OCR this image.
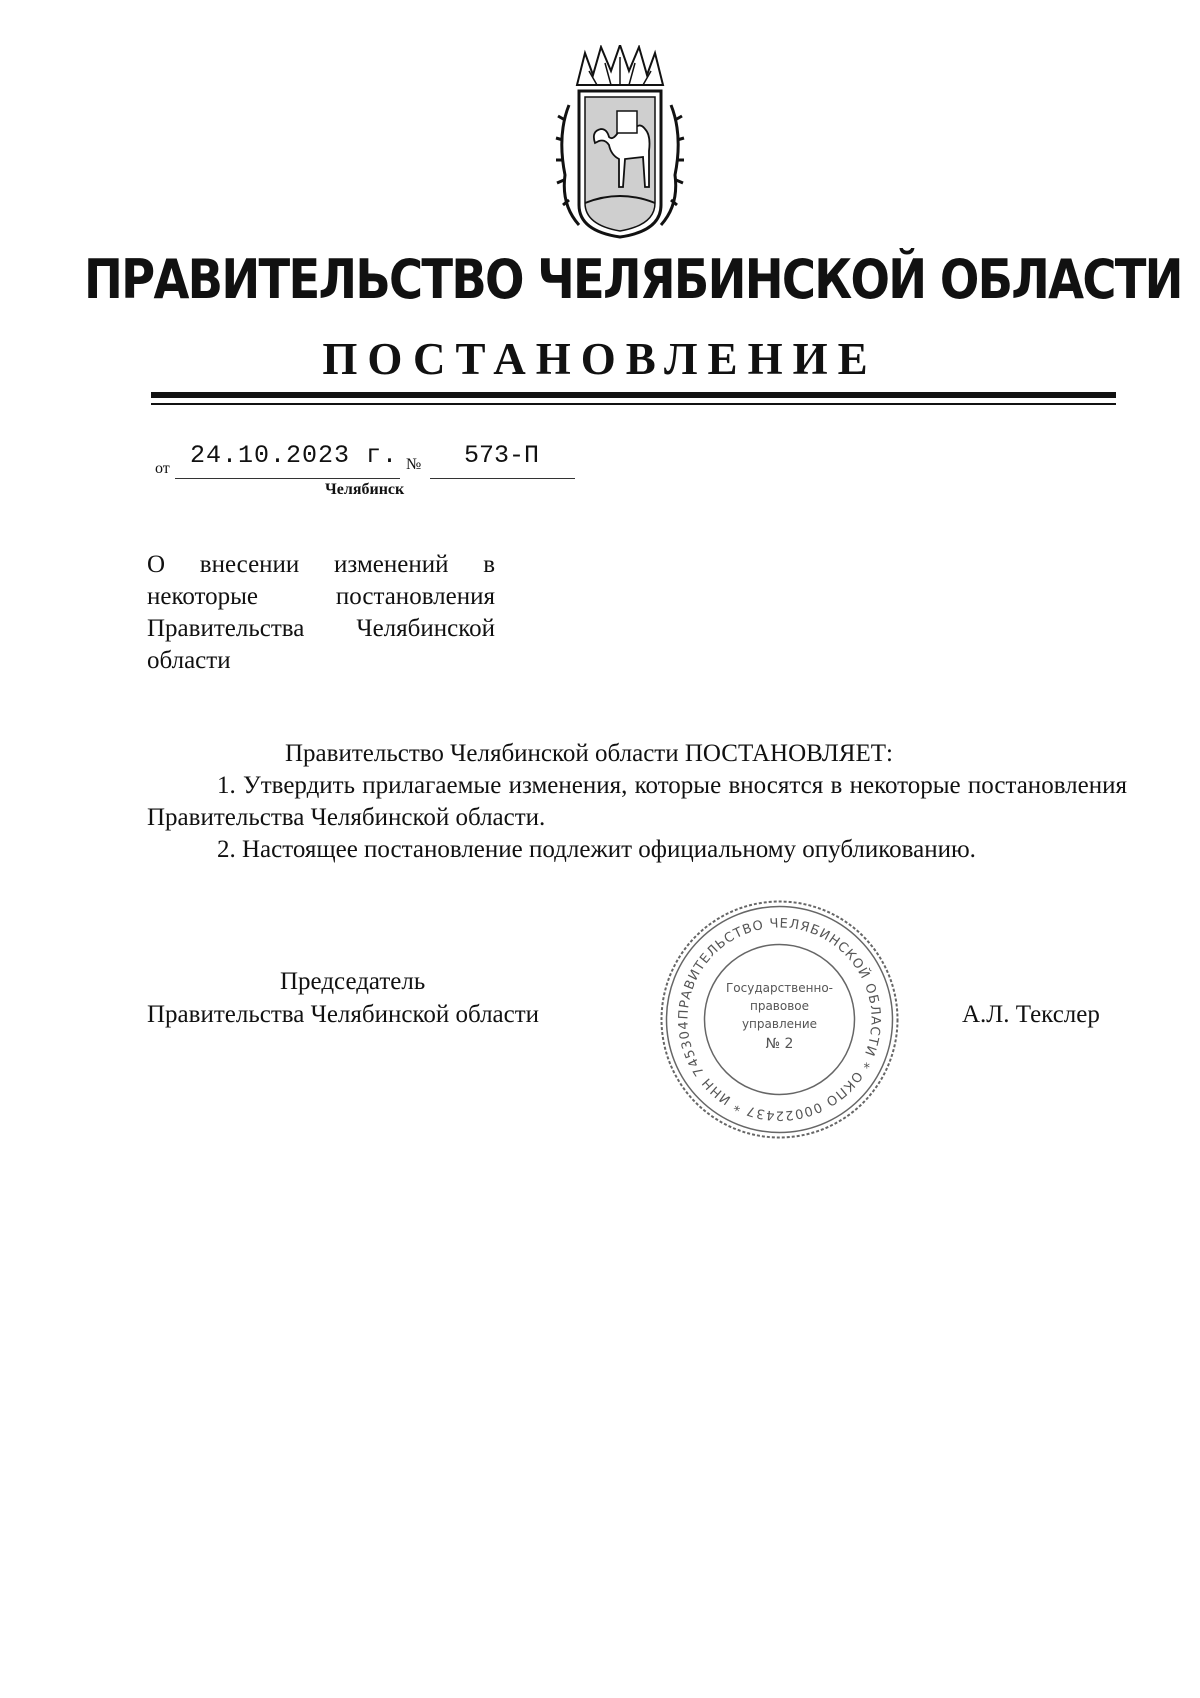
ПРАВИТЕЛЬСТВО ЧЕЛЯБИНСКОЙ ОБЛАСТИ
ПОСТАНОВЛЕНИЕ
от 24.10.2023 г. № 573-П
Челябинск
О внесении изменений в
некоторые постановления
Правительства Челябинской
области
Правительство Челябинской области ПОСТАНОВЛЯЕТ:
1. Утвердить прилагаемые изменения, которые вносятся в некоторые постановления Правительства Челябинской области.
2. Настоящее постановление подлежит официальному опубликованию.
Председатель
Правительства Челябинской области	А.Л. Текслер
ПРАВИТЕЛЬСТВО ЧЕЛЯБИНСКОЙ ОБЛАСТИ * ОКПО 00022437 * ИНН 745304
Государственно-
правовое
управление
№ 2
